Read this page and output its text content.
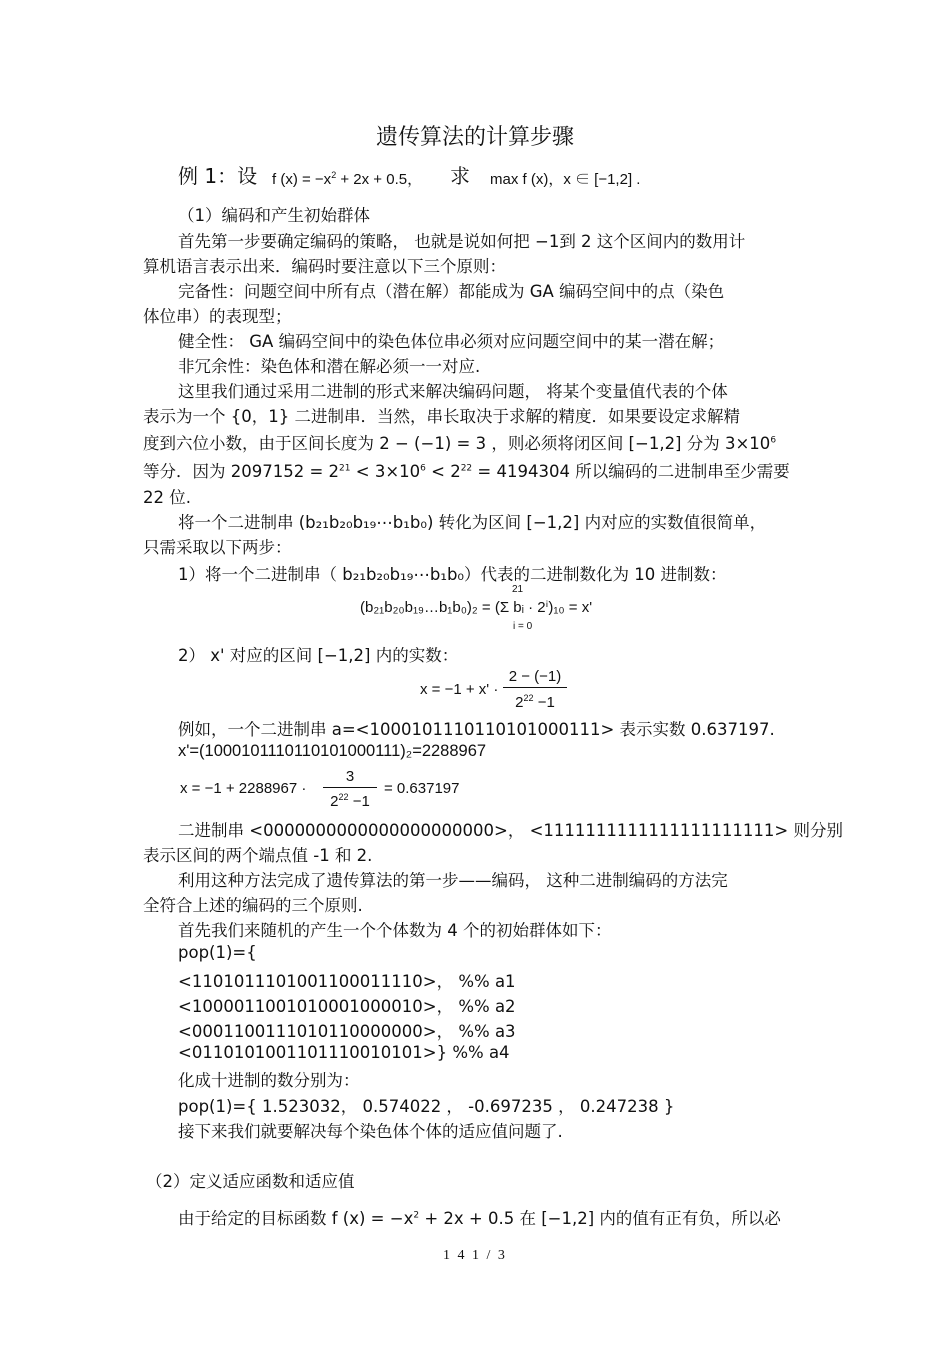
遗传算法的计算步骤
例 1：设 f $(x) = -x^2 + 2x + 0.5$， 求 max f (x)，x ∈ [−1,2] .
（1）编码和产生初始群体
首先第一步要确定编码的策略， 也就是说如何把 −1到 2 这个区间内的数用计
算机语言表示出来．编码时要注意以下三个原则：
完备性：问题空间中所有点（潜在解）都能成为 GA 编码空间中的点（染色
体位串）的表现型；
健全性： GA 编码空间中的染色体位串必须对应问题空间中的某一潜在解；
非冗余性：染色体和潜在解必须一一对应.
这里我们通过采用二进制的形式来解决编码问题， 将某个变量值代表的个体
表示为一个 {0，1} 二进制串．当然，串长取决于求解的精度．如果要设定求解精
度到六位小数，由于区间长度为 2 − (−1) = 3 ，则必须将闭区间 [−1,2] 分为 $3\times 10^6$
等分．因为 $2097152 = 2^{21} < 3\times 10^6 < 2^{22} = 4194304$ 所以编码的二进制串至少需要
22 位.
将一个二进制串 (b₂₁b₂₀b₁₉⋯b₁b₀) 转化为区间 [−1,2] 内对应的实数值很简单，
只需采取以下两步：
1）将一个二进制串（ b₂₁b₂₀b₁₉⋯b₁b₀）代表的二进制数化为 10 进制数：
21
(b₂₁b₂₀b₁₉…b₁b₀)₂ = (Σ bᵢ · 2ⁱ)₁₀ = x'
i = 0
2） x' 对应的区间 [−1,2] 内的实数：
x = −1 + x' ·
2 − (−1)
$2^{22} -1$
例如，一个二进制串 a=<1000101110110101000111> 表示实数 0.637197.
x'=(1000101110110101000111)₂=2288967
x = −1 + 2288967 ·
3
$2^{22} -1$
= 0.637197
二进制串 <0000000000000000000000>， <1111111111111111111111> 则分别
表示区间的两个端点值 -1 和 2.
利用这种方法完成了遗传算法的第一步——编码， 这种二进制编码的方法完
全符合上述的编码的三个原则.
首先我们来随机的产生一个个体数为 4 个的初始群体如下：
pop(1)={
<1101011101001100011110>， %% a1
<1000011001010001000010>， %% a2
<0001100111010110000000>， %% a3
<0110101001101110010101>} %% a4
化成十进制的数分别为：
pop(1)={ 1.523032， 0.574022 ， -0.697235 ， 0.247238 }
接下来我们就要解决每个染色体个体的适应值问题了.
（2）定义适应函数和适应值
由于给定的目标函数 f $(x) = -x^2 + 2x + 0.5$ 在 [−1,2] 内的值有正有负，所以必
1 4 1 / 3
